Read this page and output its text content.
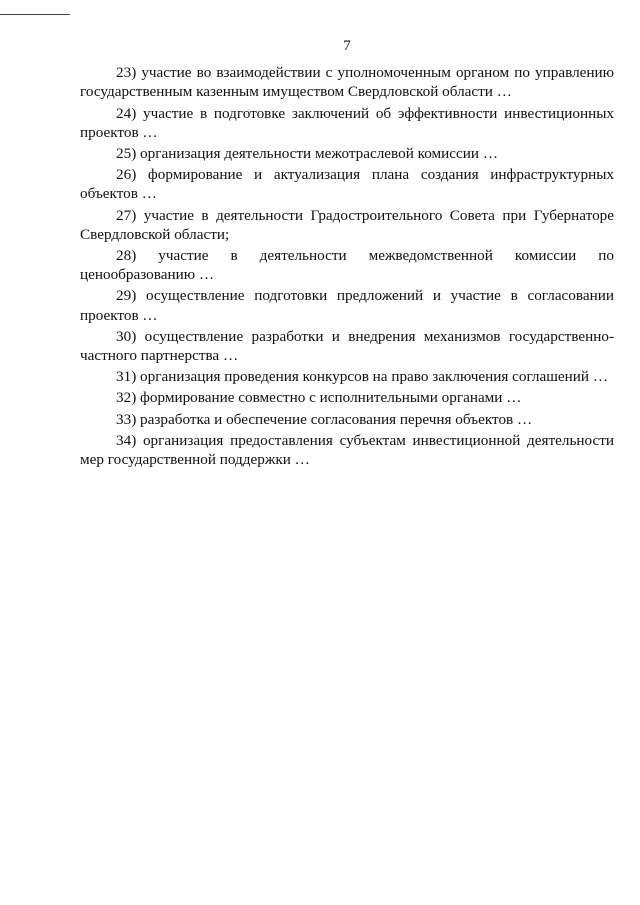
7

23) участие во взаимодействии с уполномоченным органом по управлению государственным казенным имуществом Свердловской области …

24) участие в подготовке заключений об эффективности инвестиционных проектов …

25) организация деятельности межотраслевой комиссии …

26) формирование и актуализация плана создания инфраструктурных объектов …

27) участие в деятельности Градостроительного Совета при Губернаторе Свердловской области;

28) участие в деятельности межведомственной комиссии по ценообразованию …

29) осуществление подготовки предложений и участие в согласовании проектов …

30) осуществление разработки и внедрения механизмов государственно-частного партнерства …

31) организация проведения конкурсов на право заключения соглашений …

32) формирование совместно с исполнительными органами …

33) разработка и обеспечение согласования перечня объектов …

34) организация предоставления субъектам инвестиционной деятельности мер государственной поддержки …
